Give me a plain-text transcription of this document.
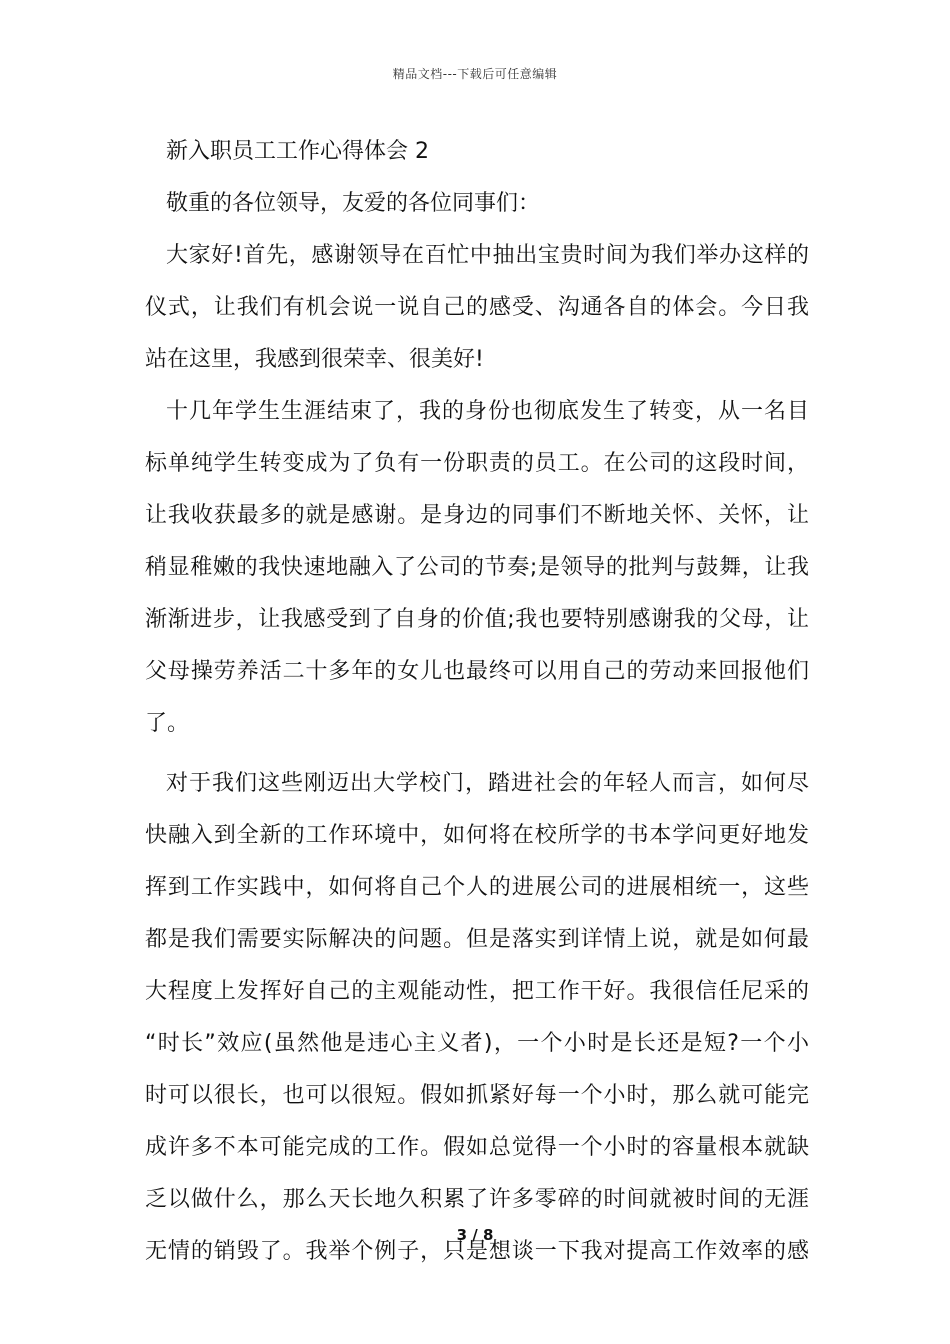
精品文档---下载后可任意编辑
新入职员工工作心得体会 2
敬重的各位领导，友爱的各位同事们：
大家好!首先，感谢领导在百忙中抽出宝贵时间为我们举办这样的
仪式，让我们有机会说一说自己的感受、沟通各自的体会。今日我
站在这里，我感到很荣幸、很美好!
十几年学生生涯结束了，我的身份也彻底发生了转变，从一名目
标单纯学生转变成为了负有一份职责的员工。在公司的这段时间，
让我收获最多的就是感谢。是身边的同事们不断地关怀、关怀，让
稍显稚嫩的我快速地融入了公司的节奏;是领导的批判与鼓舞，让我
渐渐进步，让我感受到了自身的价值;我也要特别感谢我的父母，让
父母操劳养活二十多年的女儿也最终可以用自己的劳动来回报他们
了。
对于我们这些刚迈出大学校门，踏进社会的年轻人而言，如何尽
快融入到全新的工作环境中，如何将在校所学的书本学问更好地发
挥到工作实践中，如何将自己个人的进展公司的进展相统一，这些
都是我们需要实际解决的问题。但是落实到详情上说，就是如何最
大程度上发挥好自己的主观能动性，把工作干好。我很信任尼采的
“时长”效应(虽然他是违心主义者)，一个小时是长还是短?一个小
时可以很长，也可以很短。假如抓紧好每一个小时，那么就可能完
成许多不本可能完成的工作。假如总觉得一个小时的容量根本就缺
乏以做什么，那么天长地久积累了许多零碎的时间就被时间的无涯
无情的销毁了。我举个例子，只是想谈一下我对提高工作效率的感
3 / 8
